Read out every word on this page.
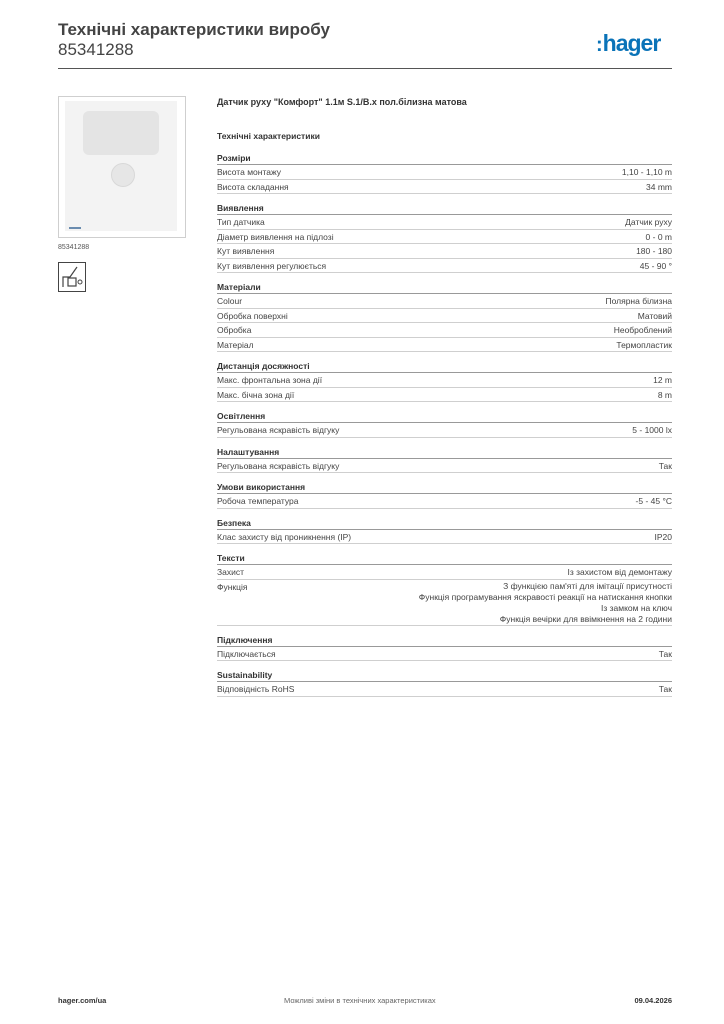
Технічні характеристики виробу
85341288	:hager
85341288
Датчик руху "Комфорт" 1.1м S.1/B.x пол.білизна матова
Технічні характеристики
Розміри
Висота монтажу	1,10 - 1,10 m
Висота складання	34 mm
Виявлення
Тип датчика	Датчик руху
Діаметр виявлення на підлозі	0 - 0 m
Кут виявлення	180 - 180
Кут виявлення регулюється	45 - 90 °
Матеріали
Colour	Полярна білизна
Обробка поверхні	Матовий
Обробка	Необроблений
Матеріал	Термопластик
Дистанція досяжності
Макс. фронтальна зона дії	12 m
Макс. бічна зона дії	8 m
Освітлення
Регульована яскравість відгуку	5 - 1000 lx
Налаштування
Регульована яскравість відгуку	Так
Умови використання
Робоча температура	-5 - 45 °C
Безпека
Клас захисту від проникнення (IP)	IP20
Тексти
Захист	Із захистом від демонтажу
Функція	З функцією пам'яті для імітації присутності
Функція програмування яскравості реакції на натискання кнопки
Із замком на ключ
Функція вечірки для ввімкнення на 2 години
Підключення
Підключається	Так
Sustainability
Відповідність RoHS	Так
hager.com/ua	Можливі зміни в технічних характеристиках	09.04.2026
